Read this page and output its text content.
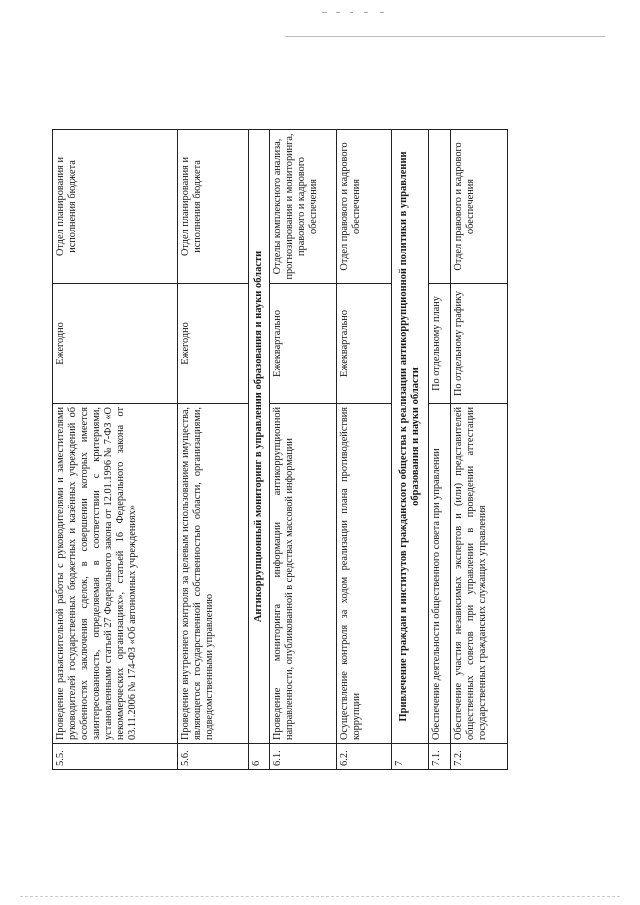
5.5.	Проведение разъяснительной работы с руководителями и заместителями руководителей государственных бюджетных и казённых учреждений об особенностях заключения сделок, в совершении которых имеется заинтересованность, определяемая в соответствии с критериями, установленными статьей 27 Федерального закона от 12.01.1996 № 7-ФЗ «О некоммерческих организациях», статьей 16 Федерального закона от 03.11.2006 № 174-ФЗ «Об автономных учреждениях»	Ежегодно	Отдел планирования и исполнения бюджета
5.6.	Проведение внутреннего контроля за целевым использованием имущества, являющегося государственной собственностью области, организациями, подведомственными управлению	Ежегодно	Отдел планирования и исполнения бюджета
6	Антикоррупционный мониторинг в управлении образования и науки области		
6.1.	Проведение мониторинга информации антикоррупционной направленности, опубликованной в средствах массовой информации	Ежеквартально	Отделы комплексного анализа, прогнозирования и мониторинга, правового и кадрового обеспечения
6.2.	Осуществление контроля за ходом реализации плана противодействия коррупции	Ежеквартально	Отдел правового и кадрового обеспечения
7	Привлечение граждан и институтов гражданского общества к реализации антикоррупционной политики в управлении образования и науки области		
7.1.	Обеспечение деятельности общественного совета при управлении	По отдельному плану	
7.2.	Обеспечение участия независимых экспертов и (или) представителей общественных советов при управлении в проведении аттестации государственных гражданских служащих управления	По отдельному графику	Отдел правового и кадрового обеспечения
